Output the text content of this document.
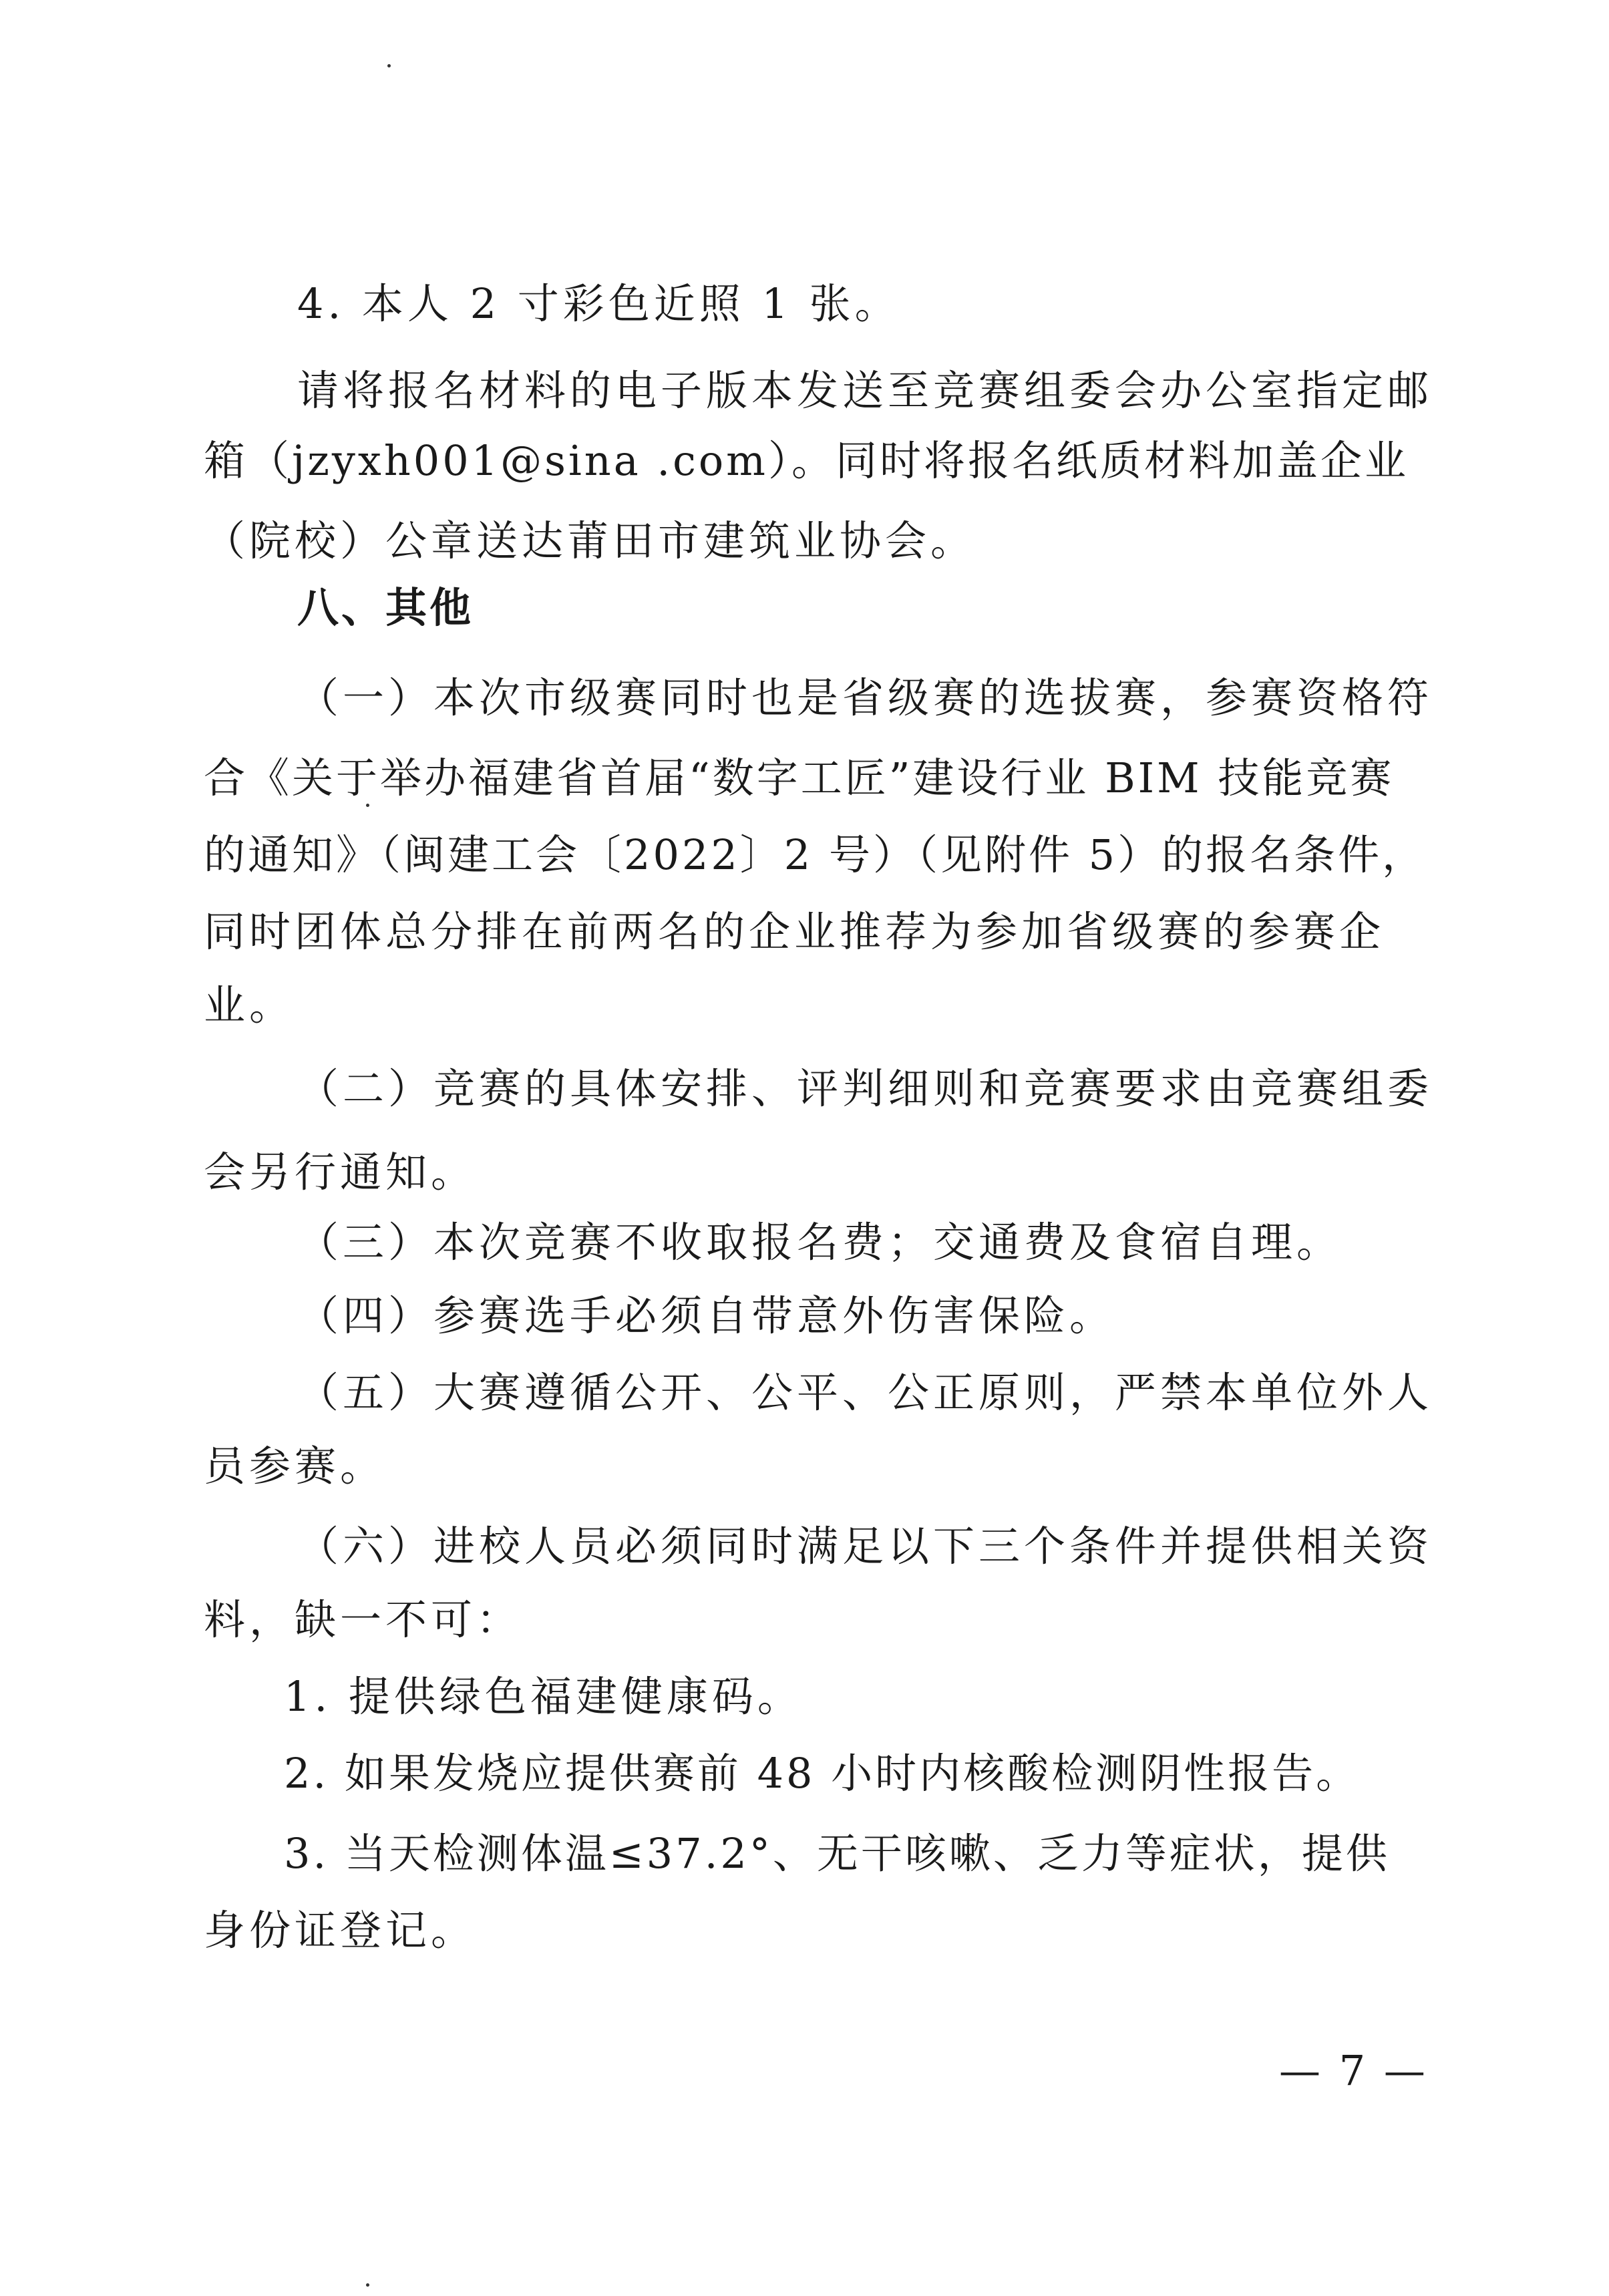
4. 本人 2 寸彩色近照 1 张。
请将报名材料的电子版本发送至竞赛组委会办公室指定邮
箱（jzyxh001@sina .com）。同时将报名纸质材料加盖企业
（院校）公章送达莆田市建筑业协会。
八、其他
（一）本次市级赛同时也是省级赛的选拔赛，参赛资格符
合《关于举办福建省首届“数字工匠”建设行业 BIM 技能竞赛
的通知》（闽建工会〔2022〕2 号）（见附件 5）的报名条件，
同时团体总分排在前两名的企业推荐为参加省级赛的参赛企
业。
（二）竞赛的具体安排、评判细则和竞赛要求由竞赛组委
会另行通知。
（三）本次竞赛不收取报名费；交通费及食宿自理。
（四）参赛选手必须自带意外伤害保险。
（五）大赛遵循公开、公平、公正原则，严禁本单位外人
员参赛。
（六）进校人员必须同时满足以下三个条件并提供相关资
料，缺一不可：
1. 提供绿色福建健康码。
2. 如果发烧应提供赛前 48 小时内核酸检测阴性报告。
3. 当天检测体温≤37.2°、无干咳嗽、乏力等症状，提供
身份证登记。
— 7 —
